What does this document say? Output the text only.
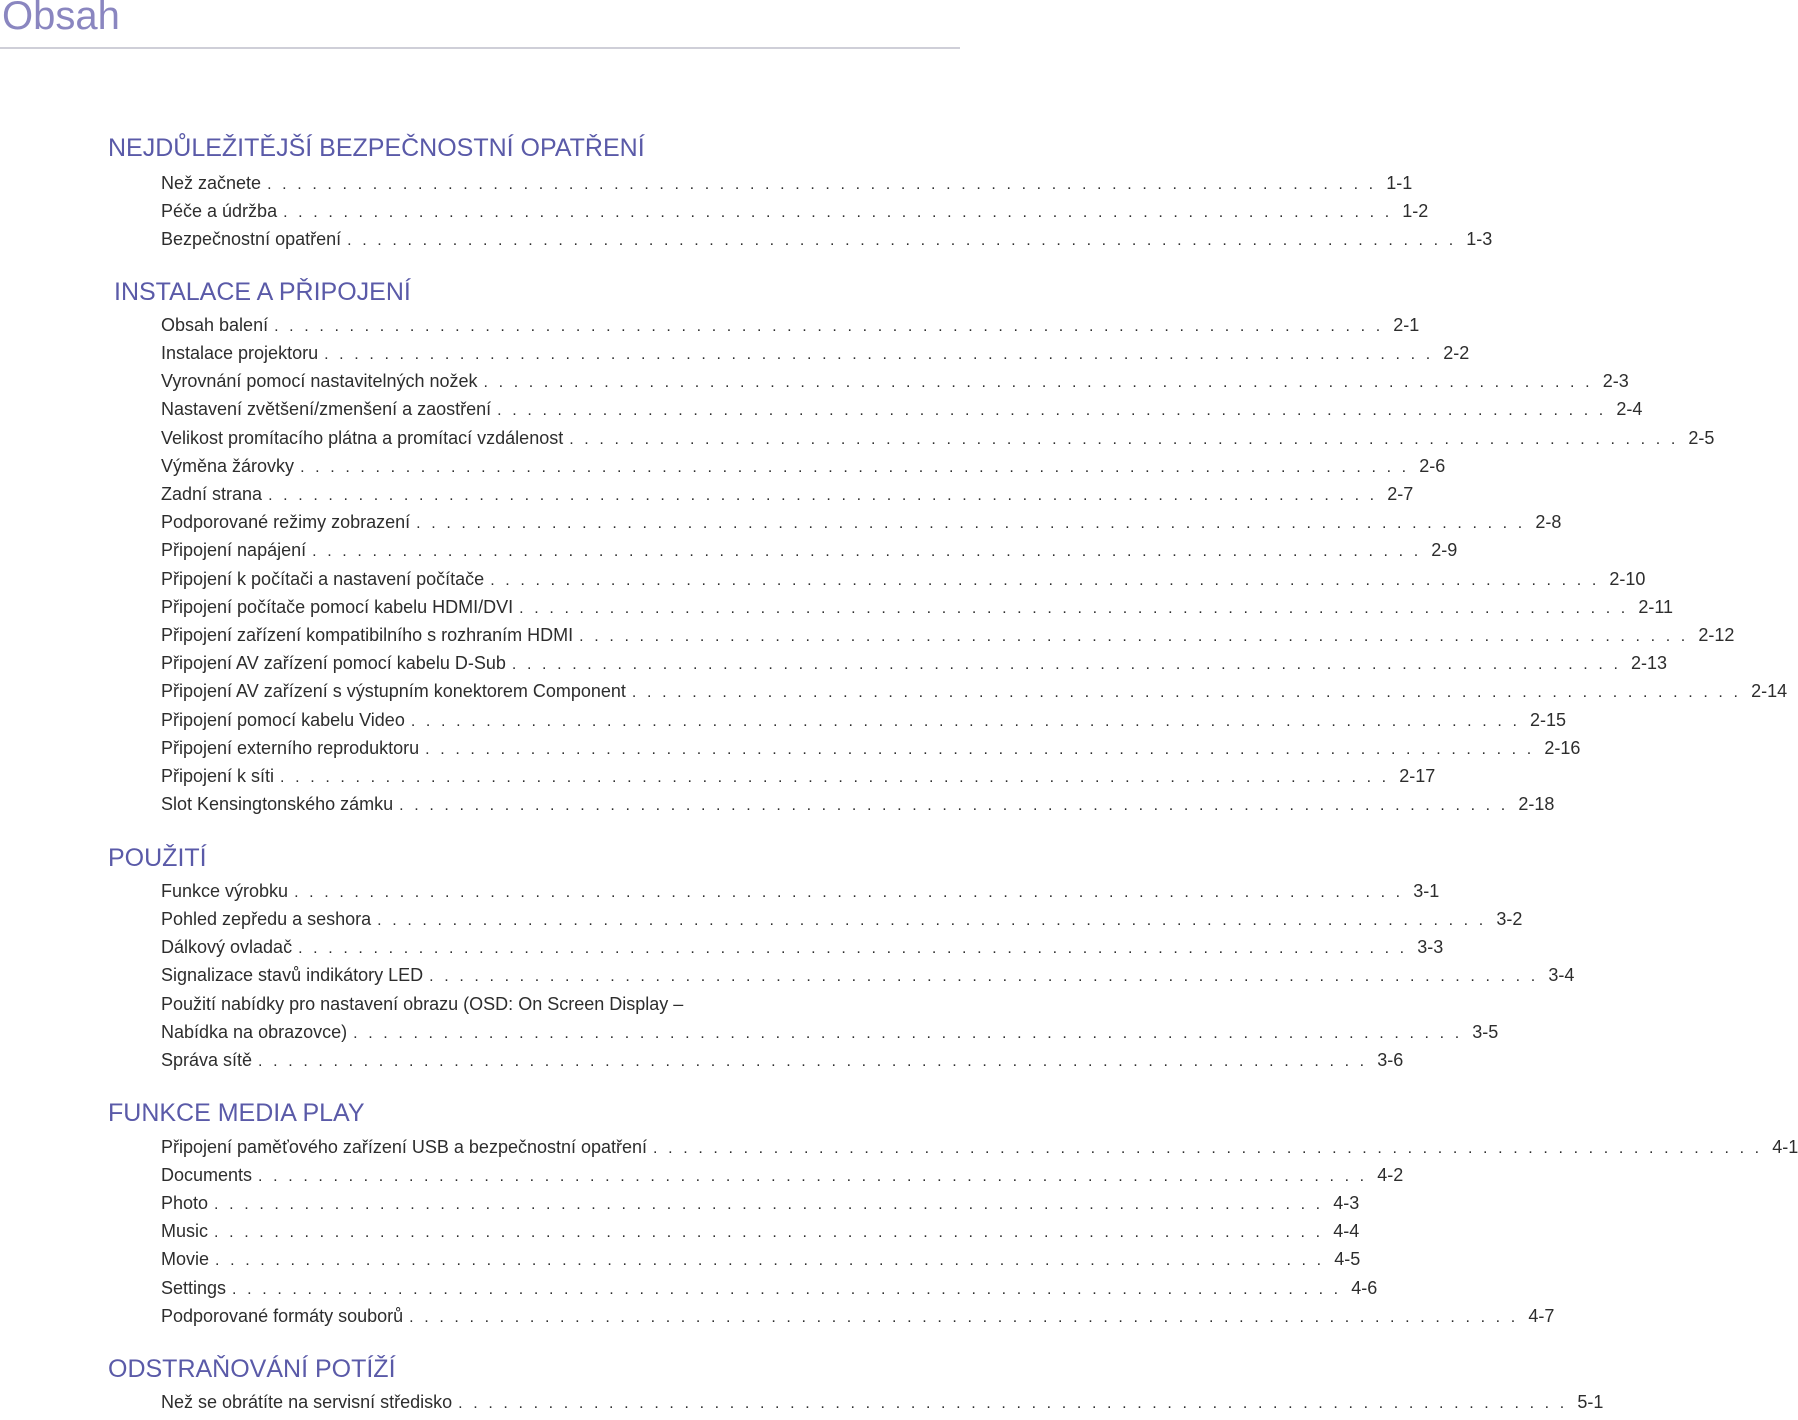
Obsah
NEJDŮLEŽITĚJŠÍ BEZPEČNOSTNÍ OPATŘENÍ
Než začnete . . . . . . . . . . . . . . . . . . . . . . . . . . . . . . . . . . . . . . . . . . . . . . . . . . . . . . . . . . . . . . . . . . . . . . . . . . 1-1
Péče a údržba . . . . . . . . . . . . . . . . . . . . . . . . . . . . . . . . . . . . . . . . . . . . . . . . . . . . . . . . . . . . . . . . . . . . . . . . . . 1-2
Bezpečnostní opatření . . . . . . . . . . . . . . . . . . . . . . . . . . . . . . . . . . . . . . . . . . . . . . . . . . . . . . . . . . . . . . . . . . . . . . . . . . 1-3
INSTALACE A PŘIPOJENÍ
Obsah balení . . . . . . . . . . . . . . . . . . . . . . . . . . . . . . . . . . . . . . . . . . . . . . . . . . . . . . . . . . . . . . . . . . . . . . . . . . 2-1
Instalace projektoru . . . . . . . . . . . . . . . . . . . . . . . . . . . . . . . . . . . . . . . . . . . . . . . . . . . . . . . . . . . . . . . . . . . . . . . . . . 2-2
Vyrovnání pomocí nastavitelných nožek . . . . . . . . . . . . . . . . . . . . . . . . . . . . . . . . . . . . . . . . . . . . . . . . . . . . . . . . . . . . . . . . . . . . . . . . . . 2-3
Nastavení zvětšení/zmenšení a zaostření . . . . . . . . . . . . . . . . . . . . . . . . . . . . . . . . . . . . . . . . . . . . . . . . . . . . . . . . . . . . . . . . . . . . . . . . . . 2-4
Velikost promítacího plátna a promítací vzdálenost . . . . . . . . . . . . . . . . . . . . . . . . . . . . . . . . . . . . . . . . . . . . . . . . . . . . . . . . . . . . . . . . . . . . . . . . . . 2-5
Výměna žárovky . . . . . . . . . . . . . . . . . . . . . . . . . . . . . . . . . . . . . . . . . . . . . . . . . . . . . . . . . . . . . . . . . . . . . . . . . . 2-6
Zadní strana . . . . . . . . . . . . . . . . . . . . . . . . . . . . . . . . . . . . . . . . . . . . . . . . . . . . . . . . . . . . . . . . . . . . . . . . . . 2-7
Podporované režimy zobrazení . . . . . . . . . . . . . . . . . . . . . . . . . . . . . . . . . . . . . . . . . . . . . . . . . . . . . . . . . . . . . . . . . . . . . . . . . . 2-8
Připojení napájení . . . . . . . . . . . . . . . . . . . . . . . . . . . . . . . . . . . . . . . . . . . . . . . . . . . . . . . . . . . . . . . . . . . . . . . . . . 2-9
Připojení k počítači a nastavení počítače . . . . . . . . . . . . . . . . . . . . . . . . . . . . . . . . . . . . . . . . . . . . . . . . . . . . . . . . . . . . . . . . . . . . . . . . . . 2-10
Připojení počítače pomocí kabelu HDMI/DVI . . . . . . . . . . . . . . . . . . . . . . . . . . . . . . . . . . . . . . . . . . . . . . . . . . . . . . . . . . . . . . . . . . . . . . . . . . 2-11
Připojení zařízení kompatibilního s rozhraním HDMI . . . . . . . . . . . . . . . . . . . . . . . . . . . . . . . . . . . . . . . . . . . . . . . . . . . . . . . . . . . . . . . . . . . . . . . . . . 2-12
Připojení AV zařízení pomocí kabelu D-Sub . . . . . . . . . . . . . . . . . . . . . . . . . . . . . . . . . . . . . . . . . . . . . . . . . . . . . . . . . . . . . . . . . . . . . . . . . . 2-13
Připojení AV zařízení s výstupním konektorem Component . . . . . . . . . . . . . . . . . . . . . . . . . . . . . . . . . . . . . . . . . . . . . . . . . . . . . . . . . . . . . . . . . . . . . . . . . . 2-14
Připojení pomocí kabelu Video . . . . . . . . . . . . . . . . . . . . . . . . . . . . . . . . . . . . . . . . . . . . . . . . . . . . . . . . . . . . . . . . . . . . . . . . . . 2-15
Připojení externího reproduktoru . . . . . . . . . . . . . . . . . . . . . . . . . . . . . . . . . . . . . . . . . . . . . . . . . . . . . . . . . . . . . . . . . . . . . . . . . . 2-16
Připojení k síti . . . . . . . . . . . . . . . . . . . . . . . . . . . . . . . . . . . . . . . . . . . . . . . . . . . . . . . . . . . . . . . . . . . . . . . . . . 2-17
Slot Kensingtonského zámku . . . . . . . . . . . . . . . . . . . . . . . . . . . . . . . . . . . . . . . . . . . . . . . . . . . . . . . . . . . . . . . . . . . . . . . . . . 2-18
POUŽITÍ
Funkce výrobku . . . . . . . . . . . . . . . . . . . . . . . . . . . . . . . . . . . . . . . . . . . . . . . . . . . . . . . . . . . . . . . . . . . . . . . . . . 3-1
Pohled zepředu a seshora . . . . . . . . . . . . . . . . . . . . . . . . . . . . . . . . . . . . . . . . . . . . . . . . . . . . . . . . . . . . . . . . . . . . . . . . . . 3-2
Dálkový ovladač . . . . . . . . . . . . . . . . . . . . . . . . . . . . . . . . . . . . . . . . . . . . . . . . . . . . . . . . . . . . . . . . . . . . . . . . . . 3-3
Signalizace stavů indikátory LED . . . . . . . . . . . . . . . . . . . . . . . . . . . . . . . . . . . . . . . . . . . . . . . . . . . . . . . . . . . . . . . . . . . . . . . . . . 3-4
Použití nabídky pro nastavení obrazu (OSD: On Screen Display –
Nabídka na obrazovce) . . . . . . . . . . . . . . . . . . . . . . . . . . . . . . . . . . . . . . . . . . . . . . . . . . . . . . . . . . . . . . . . . . . . . . . . . . 3-5
Správa sítě . . . . . . . . . . . . . . . . . . . . . . . . . . . . . . . . . . . . . . . . . . . . . . . . . . . . . . . . . . . . . . . . . . . . . . . . . . 3-6
FUNKCE MEDIA PLAY
Připojení paměťového zařízení USB a bezpečnostní opatření . . . . . . . . . . . . . . . . . . . . . . . . . . . . . . . . . . . . . . . . . . . . . . . . . . . . . . . . . . . . . . . . . . . . . . . . . . 4-1
Documents . . . . . . . . . . . . . . . . . . . . . . . . . . . . . . . . . . . . . . . . . . . . . . . . . . . . . . . . . . . . . . . . . . . . . . . . . . 4-2
Photo . . . . . . . . . . . . . . . . . . . . . . . . . . . . . . . . . . . . . . . . . . . . . . . . . . . . . . . . . . . . . . . . . . . . . . . . . . 4-3
Music . . . . . . . . . . . . . . . . . . . . . . . . . . . . . . . . . . . . . . . . . . . . . . . . . . . . . . . . . . . . . . . . . . . . . . . . . . 4-4
Movie . . . . . . . . . . . . . . . . . . . . . . . . . . . . . . . . . . . . . . . . . . . . . . . . . . . . . . . . . . . . . . . . . . . . . . . . . . 4-5
Settings . . . . . . . . . . . . . . . . . . . . . . . . . . . . . . . . . . . . . . . . . . . . . . . . . . . . . . . . . . . . . . . . . . . . . . . . . . 4-6
Podporované formáty souborů . . . . . . . . . . . . . . . . . . . . . . . . . . . . . . . . . . . . . . . . . . . . . . . . . . . . . . . . . . . . . . . . . . . . . . . . . . 4-7
ODSTRAŇOVÁNÍ POTÍŽÍ
Než se obrátíte na servisní středisko . . . . . . . . . . . . . . . . . . . . . . . . . . . . . . . . . . . . . . . . . . . . . . . . . . . . . . . . . . . . . . . . . . . . . . . . . . 5-1
